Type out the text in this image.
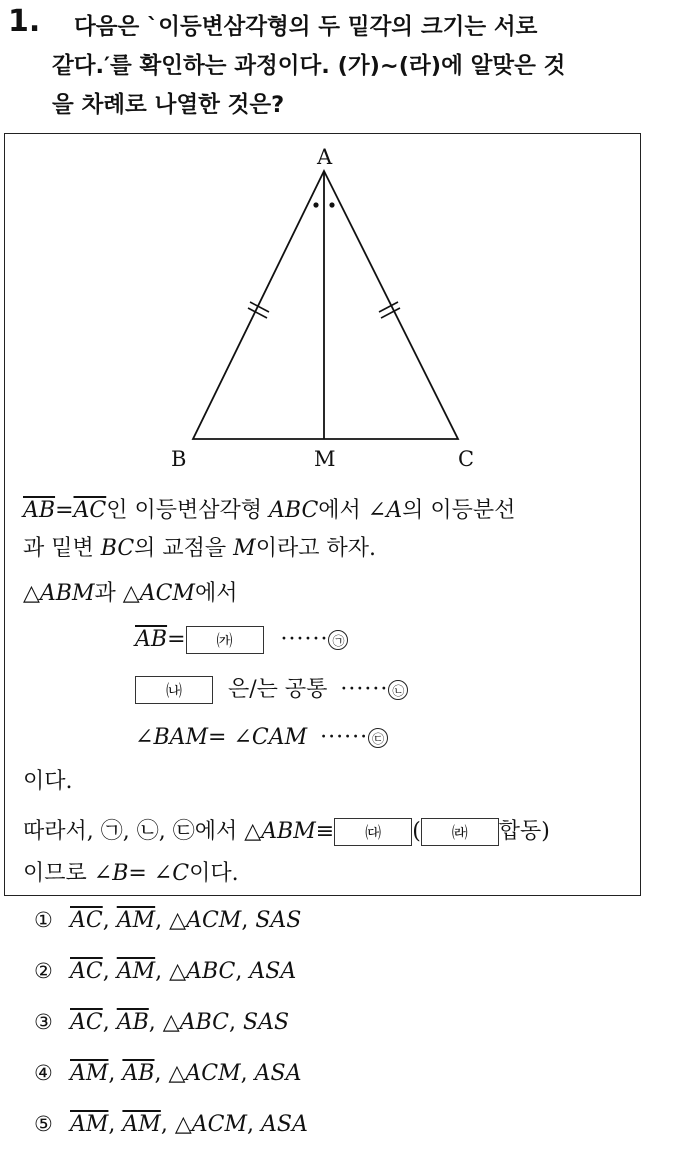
1.	다음은 `이등변삼각형의 두 밑각의 크기는 서로
같다.′를 확인하는 과정이다. (가)~(라)에 알맞은 것
을 차례로 나열한 것은?
A
B	M	C
$\overline{AB}=\overline{AC}$인 이등변삼각형 ABC에서 ∠A의 이등분선
과 밑변 BC의 교점을 M이라고 하자.
△ABM과 △ACM에서
$\overline{AB}=$ ㈎ ······ ㉠
㈏ 은/는 공통 ······ ㉡
∠BAM= ∠CAM ······ ㉢
이다.
따라서, ㉠, ㉡, ㉢에서 △ABM≡ ㈐ ( ㈑ 합동)
이므로 ∠B= ∠C이다.
① $\overline{AC}$, $\overline{AM}$, △ACM, SAS
② $\overline{AC}$, $\overline{AM}$, △ABC, ASA
③ $\overline{AC}$, $\overline{AB}$, △ABC, SAS
④ $\overline{AM}$, $\overline{AB}$, △ACM, ASA
⑤ $\overline{AM}$, $\overline{AM}$, △ACM, ASA
